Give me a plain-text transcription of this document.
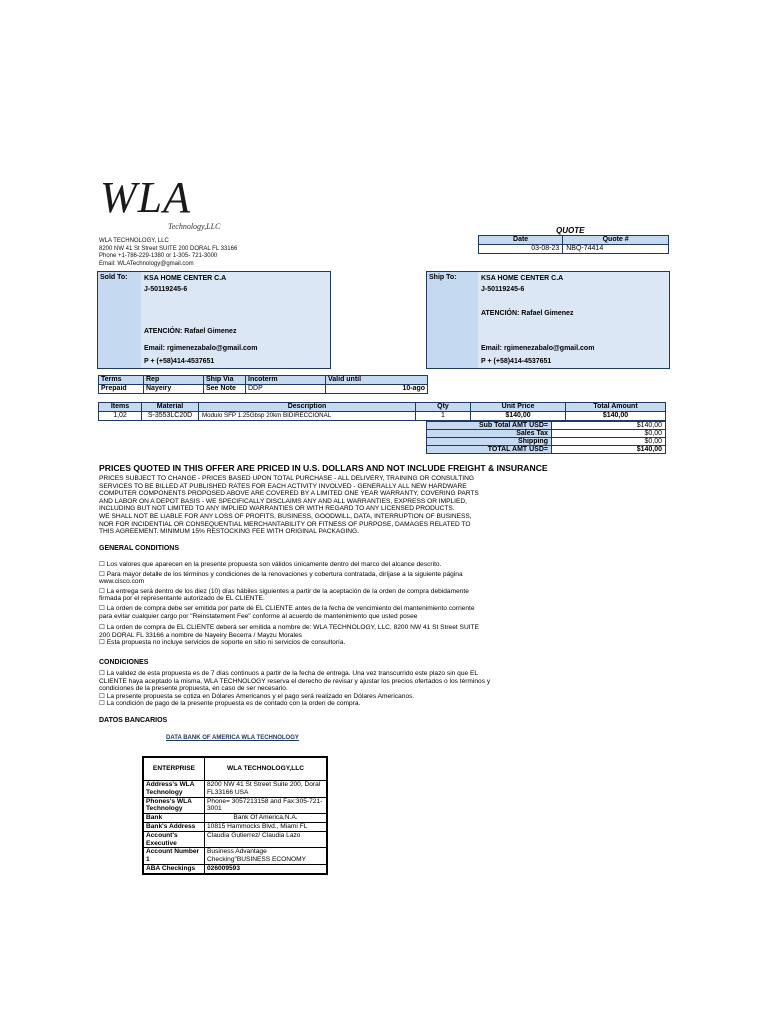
WLA
Technology,LLC
WLA TECHNOLOGY, LLC
8200 NW 41 St Street SUITE 200 DORAL FL 33166
Phone +1-786-229-1380 or 1-305- 721-3000
Email: WLATechnology@gmail.com
QUOTE
Date	Quote #
03-08-23	NBQ-74414
Sold To: KSA HOME CENTER C.A
J-50119245-6
ATENCIÓN: Rafael Gimenez
Email: rgimenezabalo@gmail.com
P + (+58)414-4537651
Ship To:	KSA HOME CENTER C.A
J-50119245-6
ATENCIÓN: Rafael Gimenez
Email: rgimenezabalo@gmail.com
P + (+58)414-4537651
Terms	Rep	Ship Via	Incoterm	Valid until
Prepaid	Nayeiry	See Note	DDP	10-ago
Items	Material	Description	Qty	Unit Price	Total Amount
1,02	S-3553LC20D	Modulo SFP 1.25Gbsp 20km BIDIRECCIONAL	1	$140,00	$140,00
Sub Total AMT USD=	$140,00
Sales Tax	$0,00
Shipping	$0,00
TOTAL AMT USD=	$140,00
PRICES QUOTED IN THIS OFFER ARE PRICED IN U.S. DOLLARS AND NOT INCLUDE FREIGHT & INSURANCE
PRICES SUBJECT TO CHANGE - PRICES BASED UPON TOTAL PURCHASE - ALL DELIVERY, TRAINING OR CONSULTING
SERVICES TO BE BILLED AT PUBLISHED RATES FOR EACH ACTIVITY INVOLVED - GENERALLY ALL NEW HARDWARE
COMPUTER COMPONENTS PROPOSED ABOVE ARE COVERED BY A LIMITED ONE YEAR WARRANTY, COVERING PARTS
AND LABOR ON A DEPOT BASIS - WE SPECIFICALLY DISCLAIMS ANY AND ALL WARRANTIES, EXPRESS OR IMPLIED,
INCLUDING BUT NOT LIMITED TO ANY IMPLIED WARRANTIES OR WITH REGARD TO ANY LICENSED PRODUCTS.
WE SHALL NOT BE LIABLE FOR ANY LOSS OF PROFITS, BUSINESS, GOODWILL, DATA, INTERRUPTION OF BUSINESS,
NOR FOR INCIDENTIAL OR CONSEQUENTIAL MERCHANTABILITY OR FITNESS OF PURPOSE, DAMAGES RELATED TO
THIS AGREEMENT. MINIMUM 15% RESTOCKING FEE WITH ORIGINAL PACKAGING.
GENERAL CONDITIONS
☐ Los valores que aparecen en la presente propuesta son válidos únicamente dentro del marco del alcance descrito.
☐ Para mayor detalle de los términos y condiciones de la renovaciones y cobertura contratada, diríjase a la siguiente página
www.cisco.com
☐ La entrega será dentro de los diez (10) días hábiles siguientes a partir de la aceptación de la orden de compra debidamente
firmada por el representante autorizado de EL CLIENTE.
☐ La orden de compra debe ser emitida por parte de EL CLIENTE antes de la fecha de vencimiento del mantenimiento corriente
para evitar cualquier cargo por "Reinstatement Fee" conforme al acuerdo de mantenimiento que usted posee
☐ La orden de compra de EL CLIENTE deberá ser emitida a nombre de: WLA TECHNOLOGY, LLC, 8200 NW 41 St Street SUITE
200 DORAL FL 33166 a nombre de Nayeiry Becerra / Mayzu Morales
☐ Esta propuesta no incluye servicios de soporte en sitio ni servicios de consultoría.
CONDICIONES
☐ La validez de esta propuesta es de 7 días continuos a partir de la fecha de entrega. Una vez transcurrido este plazo sin que EL
CLIENTE haya aceptado la misma, WLA TECHNOLOGY reserva el derecho de revisar y ajustar los precios ofertados o los términos y
condiciones de la presente propuesta, en caso de ser necesario.
☐ La presente propuesta se cotiza en Dólares Americanos y el pago será realizado en Dólares Americanos.
☐ La condición de pago de la presente propuesta es de contado con la orden de compra.
DATOS BANCARIOS
DATA BANK OF AMERICA WLA TECHNOLOGY
ENTERPRISE	WLA TECHNOLOGY,LLC
Address's WLA Technology	8200 NW 41 St Street Suite 200, Doral FL33166 USA
Phones's WLA Technology	Phone= 3057213158 and Fax:305-721-3001
Bank	Bank Of America,N.A.
Bank's Address	10815 Hammocks Blvd., Miami FL
Account's Executive	Claudia Gutierrez/ Claudia Lazo
Account Number 1	Business Advantage Checking"BUSINESS ECONOMY
ABA Checkings	026009593
